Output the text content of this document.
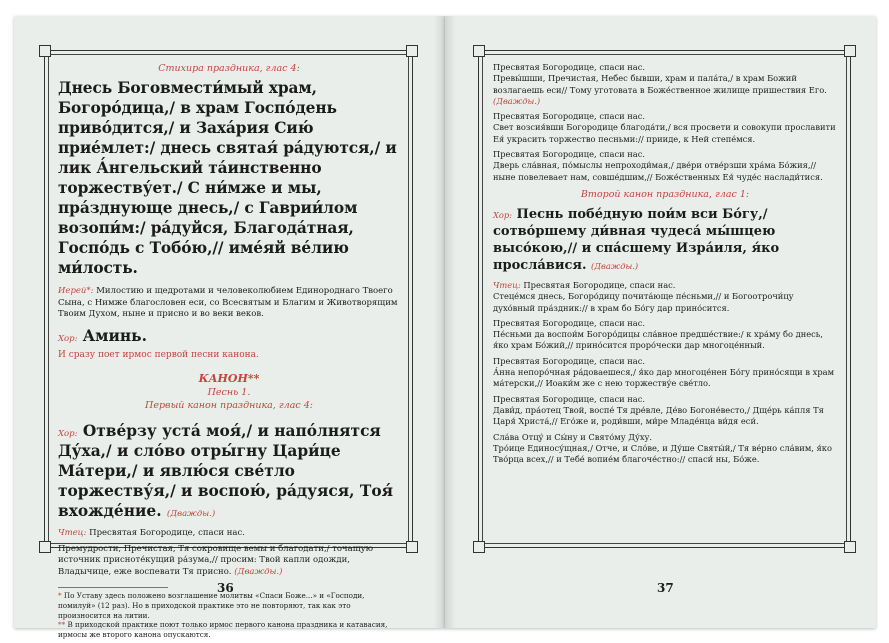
Стихира праздника, глас 4:

Днесь Боговмести́мый храм, Богоро́дица,/ в храм Госпо́день приво́дится,/ и Заха́рия Сию́ прие́млет:/ днесь святая́ ра́дуются,/ и лик А́нгельский та́инственно торжеству́ет./ С ни́мже и мы, пра́зднующе днесь,/ с Гаврии́лом возопи́м:/ ра́дуйся, Благода́тная, Госпо́дь с Тобо́ю,// име́яй ве́лию ми́лость.

Иерей*: Милостию и щедротами и человеколюбием Единороднаго Твоего Сына, с Нимже благословен еси, со Всесвятым и Благим и Животворящим Твоим Духом, ныне и присно и во веки веков.

Хор: Аминь.

И сразу поет ирмос первой песни канона.

КАНОН**

Песнь 1.

Первый канон праздника, глас 4:

Хор: Отве́рзу уста́ моя́,/ и напо́лнятся Ду́ха,/ и сло́во отры́гну Цари́це Ма́тери,/ и явлю́ся све́тло торжеству́я,/ и воспою́, ра́дуяся, Тоя́ вхожде́ние. (Дважды.)

Чтец: Пресвятая Богородице, спаси нас.

Премудрости, Пречистая, Тя сокровище вемы и благодати,/ точащую источник присноте́кущий ра́зума,// просим: Твой капли одожди, Владычице, еже воспевати Тя присно. (Дважды.)

* По Уставу здесь положено возглашение молитвы «Спаси Боже...» и «Господи, помилуй» (12 раз). Но в приходской практике это не повторяют, так как это произносится на литии.

** В приходской практике поют только ирмос первого канона праздника и катавасия, ирмосы же второго канона опускаются.

36

Пресвятая Богородице, спаси нас.

Превы́шши, Пречистая, Небес бывши, храм и пала́та,/ в храм Божий возлагаешь еси// Тому уготовата в Боже́ственное жилище пришествия Его. (Дважды.)

Пресвятая Богородице, спаси нас.

Свет возсия́вши Богородице благода́ти,/ вся просвети и совокупи прославити Ея́ украсить торжество песньми:// прииде, к Ней степе́мся.

Пресвятая Богородице, спаси нас.

Дверь сла́вная, по́мыслы непроходи́мая,/ две́ри отве́рзши хра́ма Бо́жия,// ныне повелевает нам, совше́дшим,// Боже́ственных Ея́ чуде́с наслади́тися.

Второй канон праздника, глас 1:

Хор: Песнь побе́дную пои́м вси Бо́гу,/ сотво́ршему ди́вная чудеса́ мы́шцею высо́кою,// и спа́сшему Изра́иля, я́ко просла́вися. (Дважды.)

Чтец: Пресвятая Богородице, спаси нас.

Стеце́мся днесь, Богоро́дицу почита́юще пе́сньми,// и Богоотрочи́цу духо́вный пра́здник:// в храм бо Бо́гу дар прино́сится.

Пресвятая Богородице, спаси нас.

Пе́сньми да воспои́м Богоро́дицы сла́вное предше́ствие:/ к хра́му бо днесь, я́ко храм Бо́жий,// прино́сится проро́чески дар многоце́нный.

Пресвятая Богородице, спаси нас.

А́нна непоро́чная ра́доваешеся,/ я́ко дар многоце́нен Бо́гу прино́сящи в храм ма́терски,// Иоаки́м же с нею торжеству́е све́тло.

Пресвятая Богородице, спаси нас.

Дави́д, пра́отец Твой, воспе́ Тя дре́вле, Де́во Богоне́весто,/ Дще́рь ка́пля Тя Царя́ Христа́,// Его́же и, роди́вши, ми́ре Младе́нца ви́дя еси́.

Сла́ва Отцу́ и Сы́ну и Свято́му Ду́ху.

Тро́ице Единосу́щная,/ Отче, и Сло́ве, и Ду́ше Святы́й,/ Тя ве́рно сла́вим, я́ко Тво́рца всех,// и Тебе́ вопие́м благоче́стно:// спаси́ ны, Бо́же.

37
